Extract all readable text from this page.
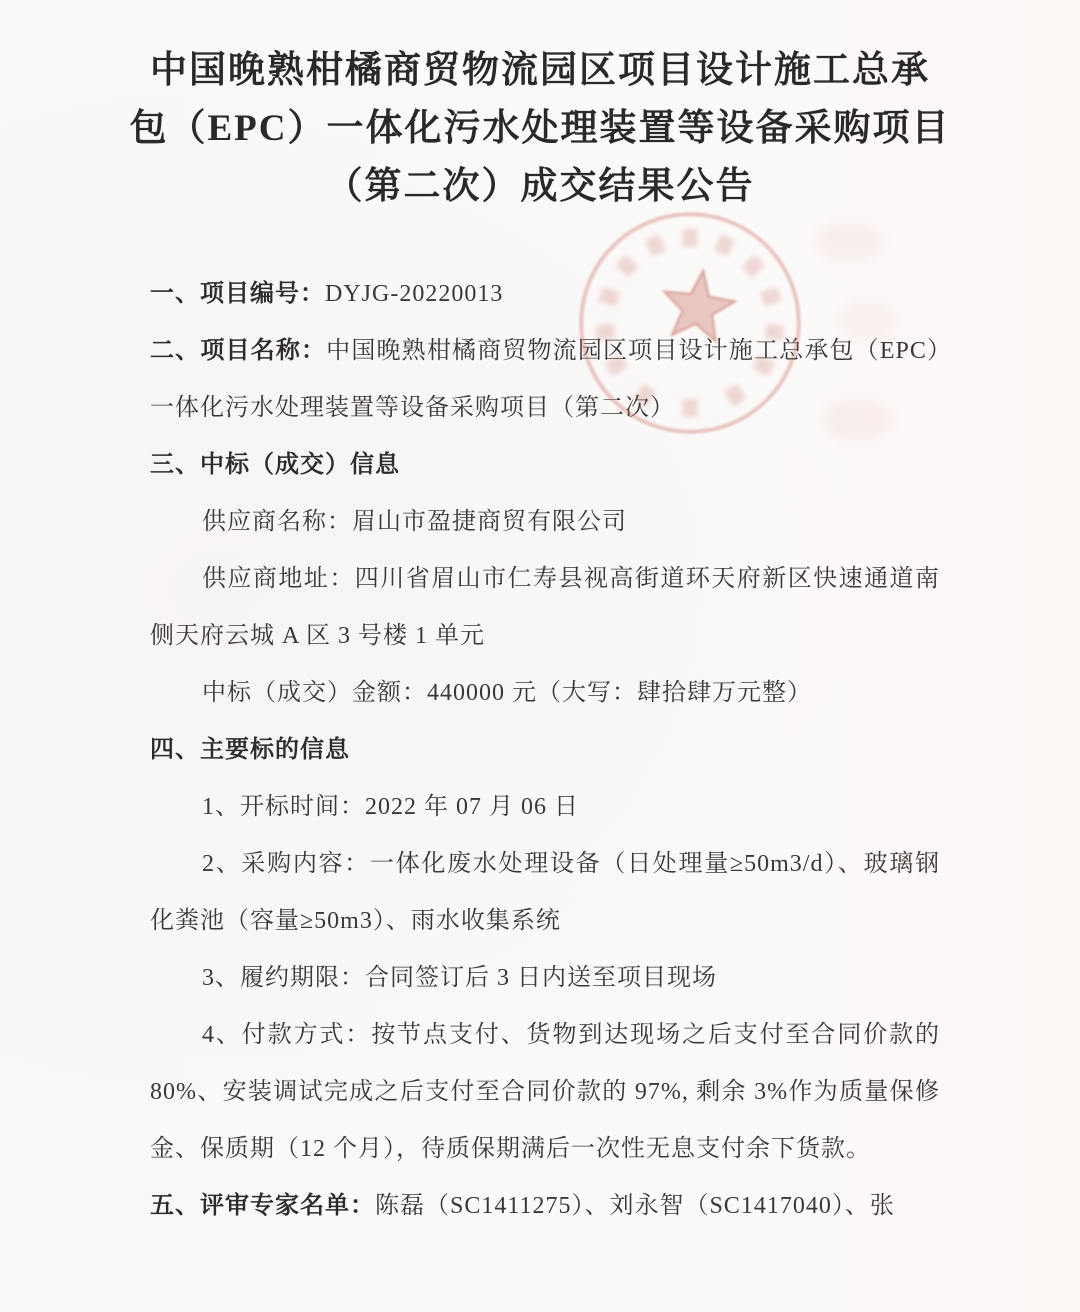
中国晚熟柑橘商贸物流园区项目设计施工总承
包（EPC）一体化污水处理装置等设备采购项目
（第二次）成交结果公告

一、项目编号：DYJG-20220013

二、项目名称：中国晚熟柑橘商贸物流园区项目设计施工总承包（EPC）一体化污水处理装置等设备采购项目（第二次）

三、中标（成交）信息

供应商名称：眉山市盈捷商贸有限公司

供应商地址：四川省眉山市仁寿县视高街道环天府新区快速通道南侧天府云城 A 区 3 号楼 1 单元

中标（成交）金额：440000 元（大写：肆拾肆万元整）

四、主要标的信息

1、开标时间：2022 年 07 月 06 日

2、采购内容：一体化废水处理设备（日处理量≥50m3/d）、玻璃钢化粪池（容量≥50m3）、雨水收集系统

3、履约期限：合同签订后 3 日内送至项目现场

4、付款方式：按节点支付、货物到达现场之后支付至合同价款的 80%、安装调试完成之后支付至合同价款的 97%, 剩余 3%作为质量保修金、保质期（12 个月），待质保期满后一次性无息支付余下货款。

五、评审专家名单：陈磊（SC1411275）、刘永智（SC1417040）、张
